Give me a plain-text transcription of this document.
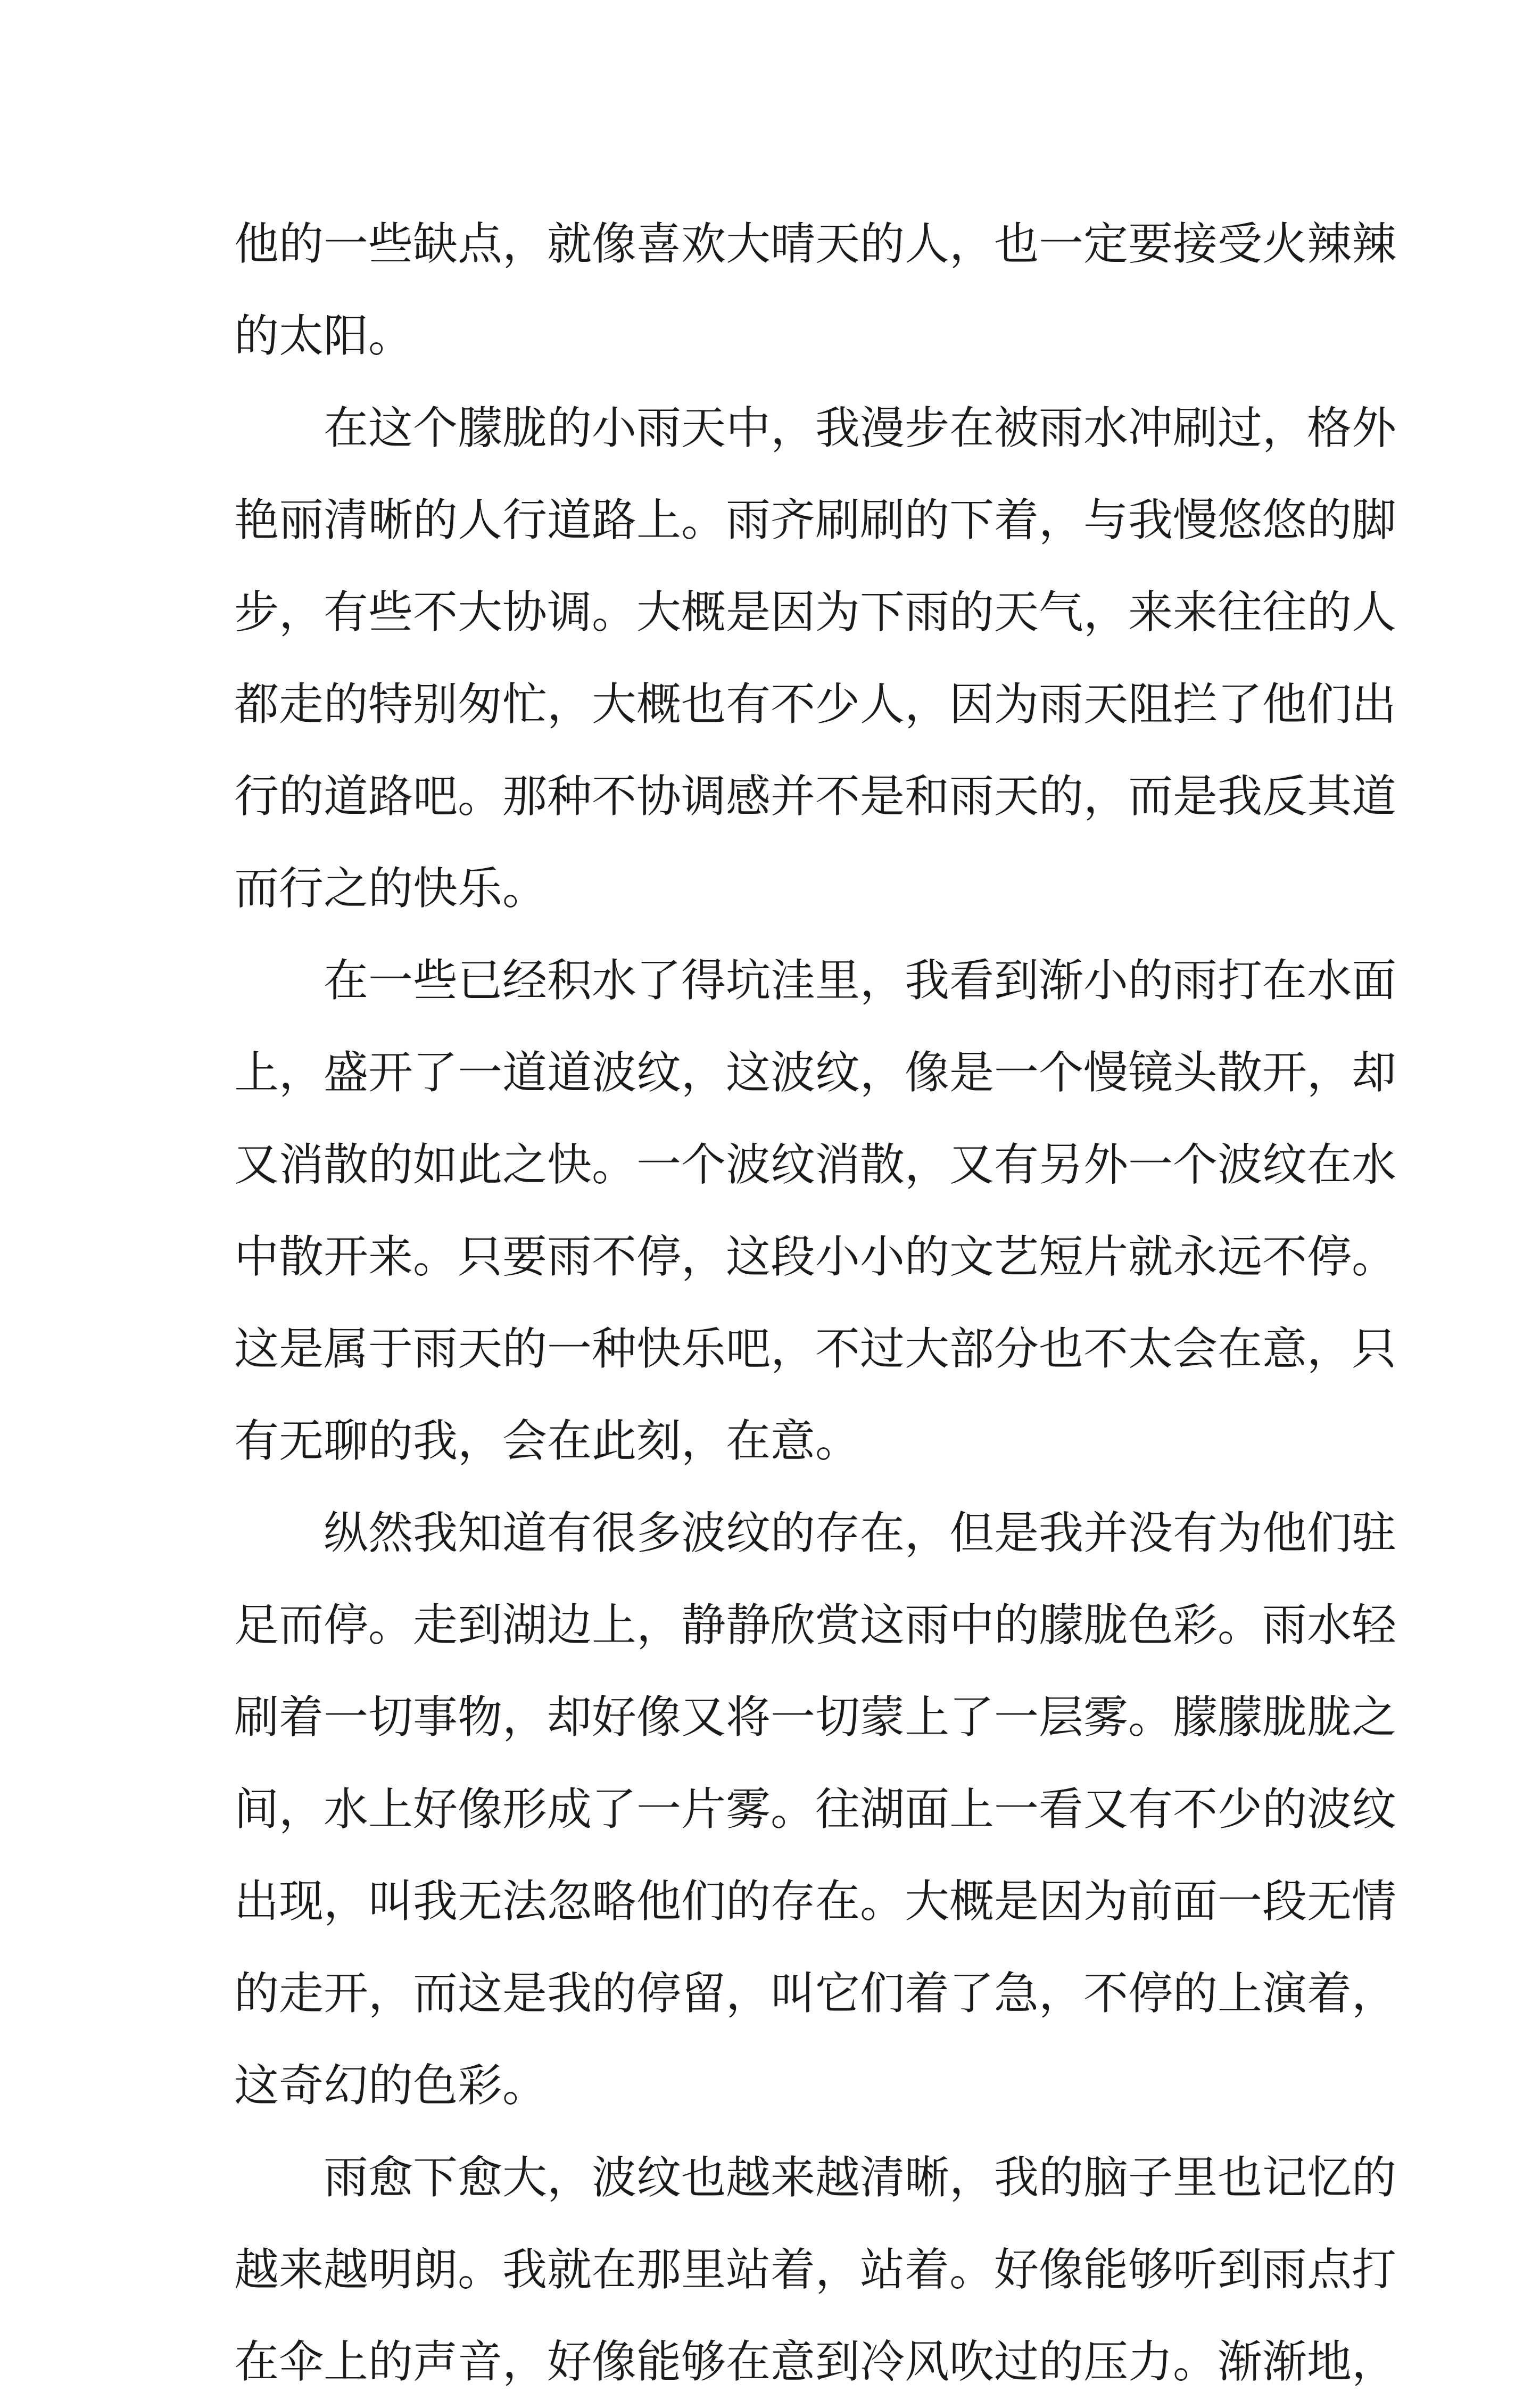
他的一些缺点，就像喜欢大晴天的人，也一定要接受火辣辣
的太阳。
在这个朦胧的小雨天中，我漫步在被雨水冲刷过，格外
艳丽清晰的人行道路上。雨齐刷刷的下着，与我慢悠悠的脚
步，有些不大协调。大概是因为下雨的天气，来来往往的人
都走的特别匆忙，大概也有不少人，因为雨天阻拦了他们出
行的道路吧。那种不协调感并不是和雨天的，而是我反其道
而行之的快乐。
在一些已经积水了得坑洼里，我看到渐小的雨打在水面
上，盛开了一道道波纹，这波纹，像是一个慢镜头散开，却
又消散的如此之快。一个波纹消散，又有另外一个波纹在水
中散开来。只要雨不停，这段小小的文艺短片就永远不停。
这是属于雨天的一种快乐吧，不过大部分也不太会在意，只
有无聊的我，会在此刻，在意。
纵然我知道有很多波纹的存在，但是我并没有为他们驻
足而停。走到湖边上，静静欣赏这雨中的朦胧色彩。雨水轻
刷着一切事物，却好像又将一切蒙上了一层雾。朦朦胧胧之
间，水上好像形成了一片雾。往湖面上一看又有不少的波纹
出现，叫我无法忽略他们的存在。大概是因为前面一段无情
的走开，而这是我的停留，叫它们着了急，不停的上演着，
这奇幻的色彩。
雨愈下愈大，波纹也越来越清晰，我的脑子里也记忆的
越来越明朗。我就在那里站着，站着。好像能够听到雨点打
在伞上的声音，好像能够在意到冷风吹过的压力。渐渐地，
